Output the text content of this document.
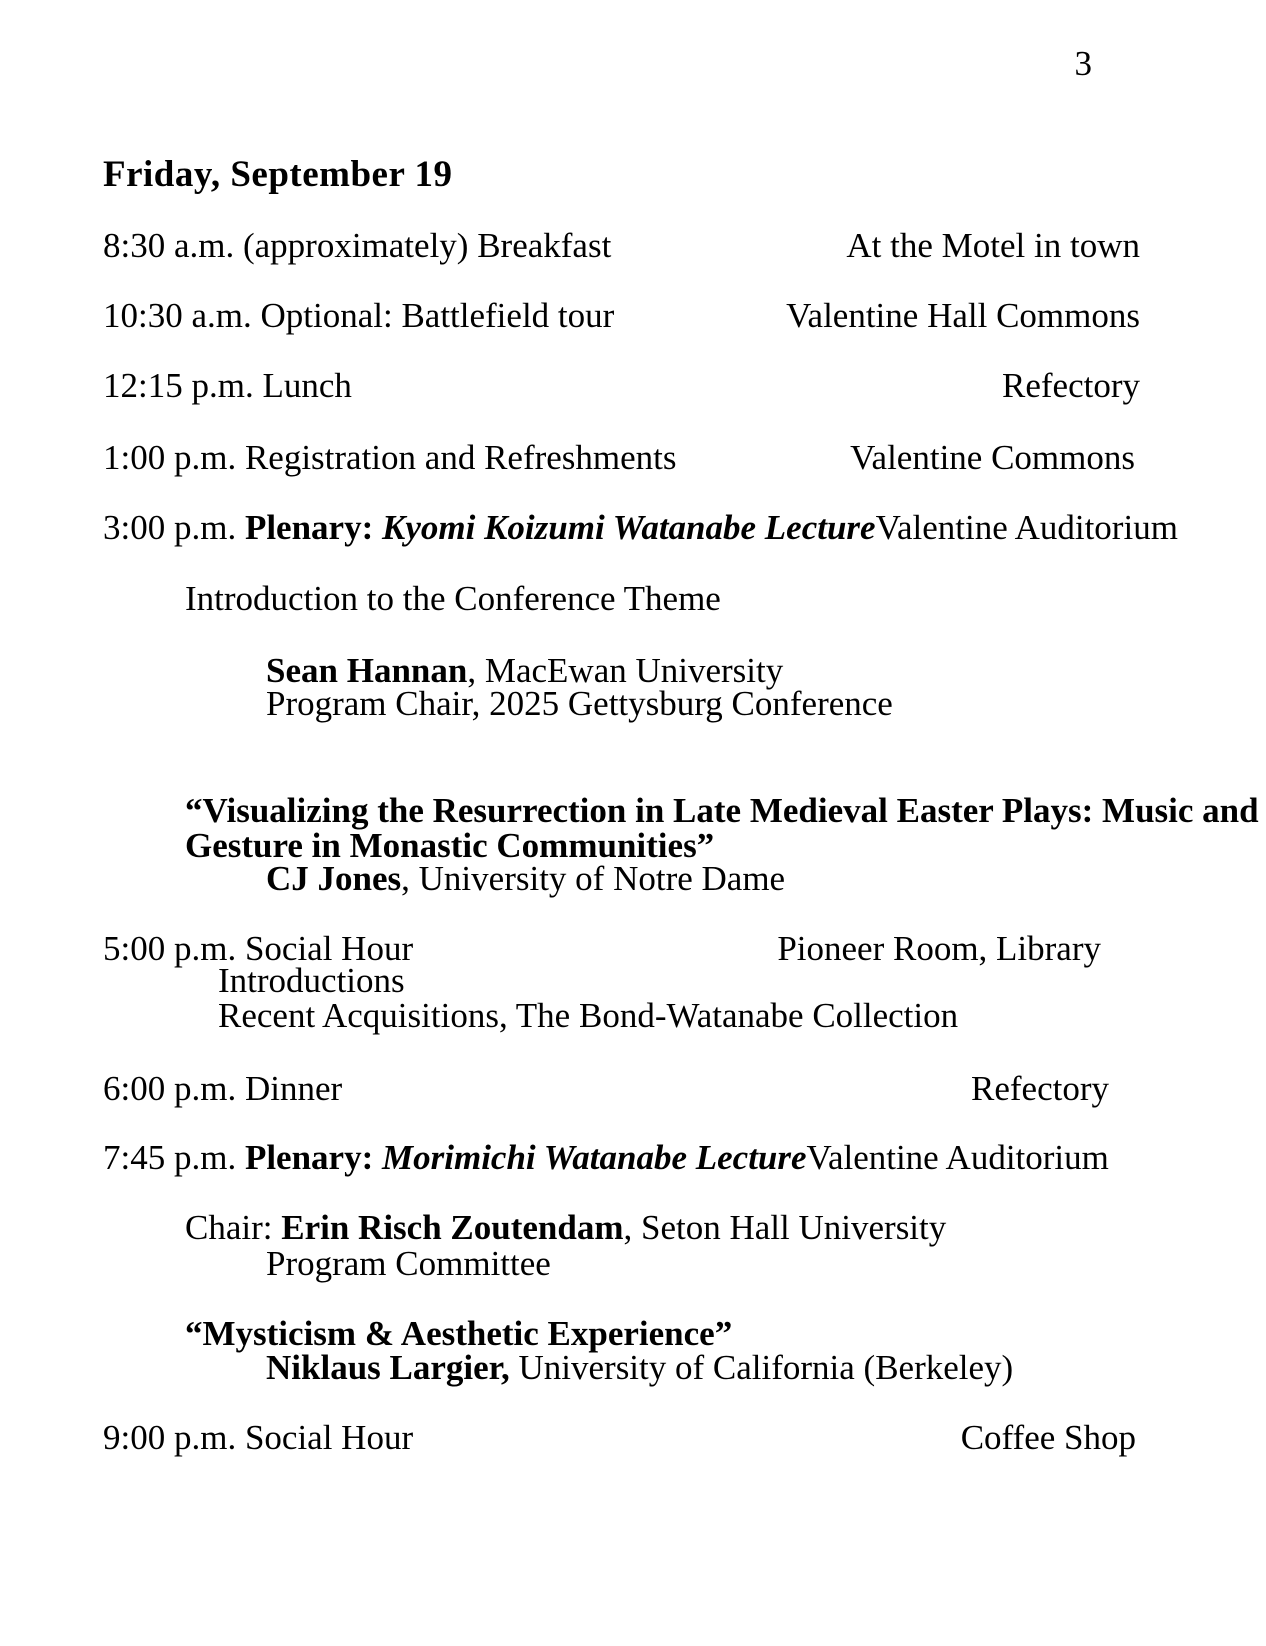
3
Friday, September 19
8:30 a.m. (approximately) Breakfast	At the Motel in town
10:30 a.m. Optional: Battlefield tour	Valentine Hall Commons
12:15 p.m. Lunch	Refectory
1:00 p.m. Registration and Refreshments	Valentine Commons
3:00 p.m. Plenary: Kyomi Koizumi Watanabe Lecture Valentine Auditorium
Introduction to the Conference Theme
Sean Hannan, MacEwan University
Program Chair, 2025 Gettysburg Conference
“Visualizing the Resurrection in Late Medieval Easter Plays: Music and
Gesture in Monastic Communities”
CJ Jones, University of Notre Dame
5:00 p.m. Social Hour	Pioneer Room, Library
Introductions
Recent Acquisitions, The Bond-Watanabe Collection
6:00 p.m. Dinner	Refectory
7:45 p.m. Plenary: Morimichi Watanabe Lecture Valentine Auditorium
Chair: Erin Risch Zoutendam, Seton Hall University
Program Committee
“Mysticism & Aesthetic Experience”
Niklaus Largier, University of California (Berkeley)
9:00 p.m. Social Hour	Coffee Shop
